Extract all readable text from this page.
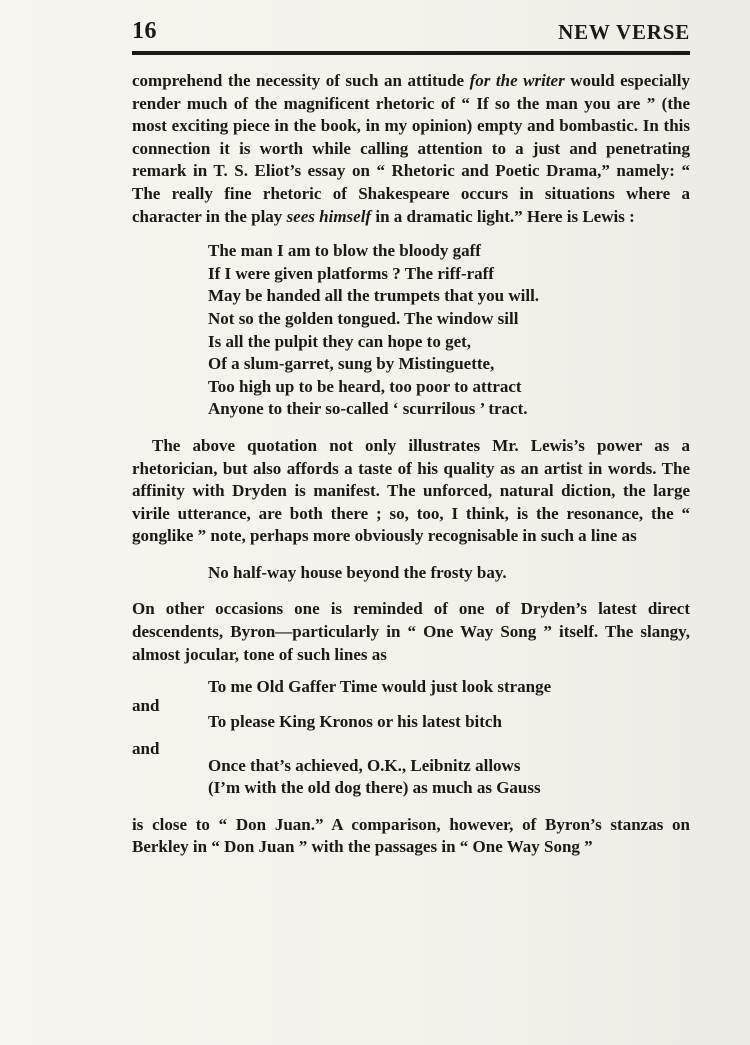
16	NEW VERSE

comprehend the necessity of such an attitude for the writer would especially render much of the magnificent rhetoric of “ If so the man you are ” (the most exciting piece in the book, in my opinion) empty and bombastic. In this connection it is worth while calling attention to a just and penetrating remark in T. S. Eliot’s essay on “ Rhetoric and Poetic Drama,” namely: “ The really fine rhetoric of Shakespeare occurs in situations where a character in the play sees himself in a dramatic light.” Here is Lewis :

The man I am to blow the bloody gaff
If I were given platforms ? The riff-raff
May be handed all the trumpets that you will.
Not so the golden tongued. The window sill
Is all the pulpit they can hope to get,
Of a slum-garret, sung by Mistinguette,
Too high up to be heard, too poor to attract
Anyone to their so-called ‘ scurrilous ’ tract.

The above quotation not only illustrates Mr. Lewis’s power as a rhetorician, but also affords a taste of his quality as an artist in words. The affinity with Dryden is manifest. The unforced, natural diction, the large virile utterance, are both there ; so, too, I think, is the resonance, the “ gonglike ” note, perhaps more obviously recognisable in such a line as

No half-way house beyond the frosty bay.

On other occasions one is reminded of one of Dryden’s latest direct descendents, Byron—particularly in “ One Way Song ” itself. The slangy, almost jocular, tone of such lines as

To me Old Gaffer Time would just look strange
and
To please King Kronos or his latest bitch
and
Once that’s achieved, O.K., Leibnitz allows
(I’m with the old dog there) as much as Gauss

is close to “ Don Juan.” A comparison, however, of Byron’s stanzas on Berkley in “ Don Juan ” with the passages in “ One Way Song ”
